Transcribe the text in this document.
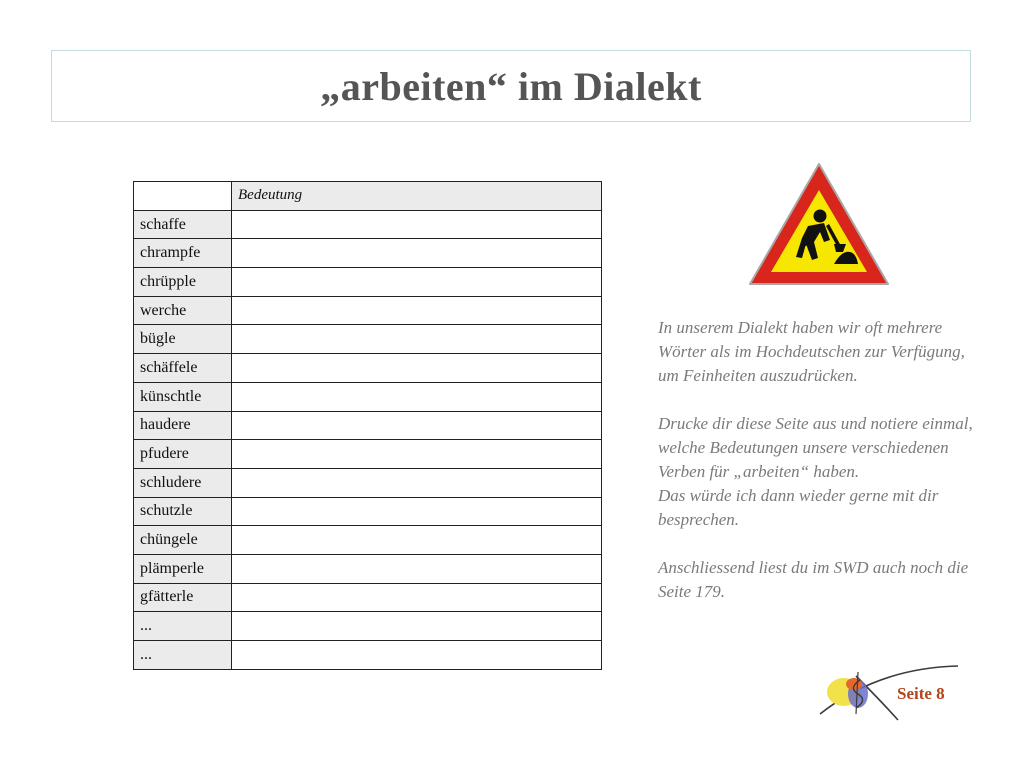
„arbeiten“ im Dialekt
	Bedeutung
schaffe	
chrampfe	
chrüpple	
werche	
bügle	
schäffele	
künschtle	
haudere	
pfudere	
schludere	
schutzle	
chüngele	
plämperle	
gfätterle	
...	
...	

In unserem Dialekt haben wir oft mehrere Wörter als im Hochdeutschen zur Verfügung, um Feinheiten auszudrücken.

Drucke dir diese Seite aus und notiere einmal, welche Bedeutungen unsere verschiedenen Verben für „arbeiten“ haben.

Das würde ich dann wieder gerne mit dir besprechen.

Anschliessend liest du im SWD auch noch die Seite 179.

Seite 8
